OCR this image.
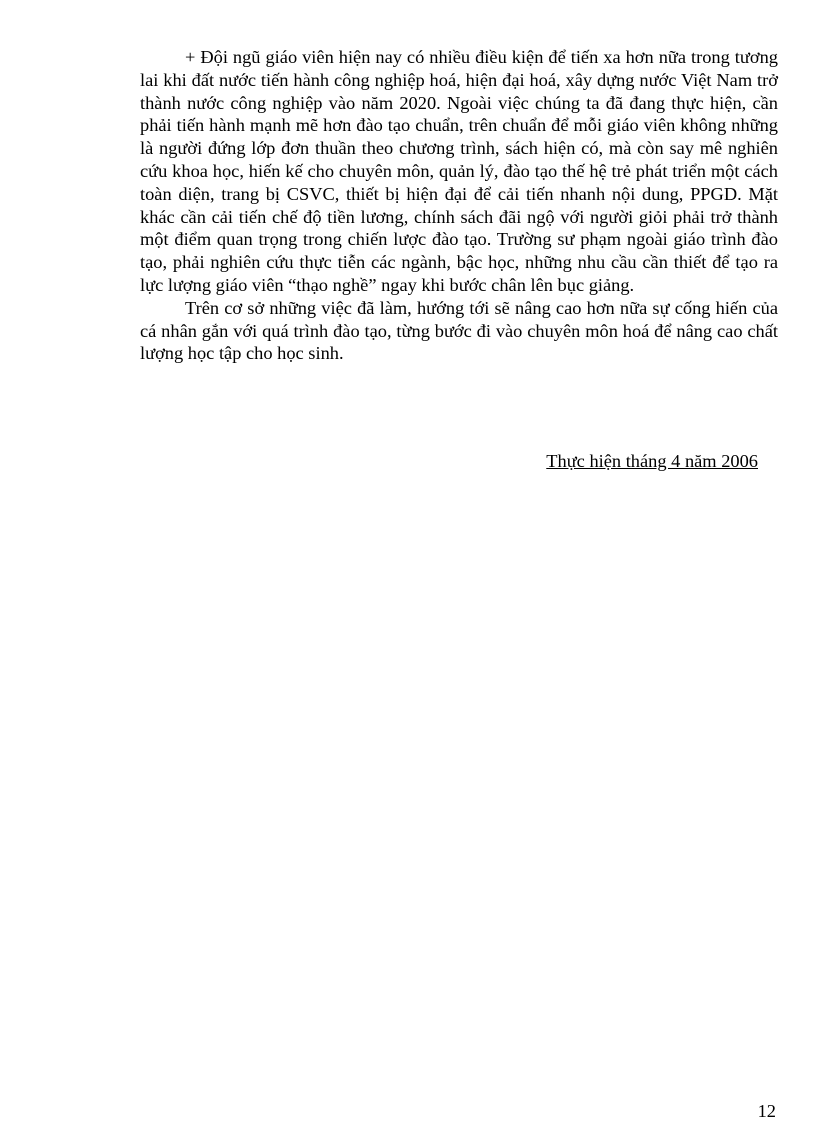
+ Đội ngũ giáo viên hiện nay có nhiều điều kiện để tiến xa hơn nữa trong tương lai khi đất nước tiến hành công nghiệp hoá, hiện đại hoá, xây dựng nước Việt Nam trở thành nước công nghiệp vào năm 2020. Ngoài việc chúng ta đã đang thực hiện, cần phải tiến hành mạnh mẽ hơn đào tạo chuẩn, trên chuẩn để mỗi giáo viên không những là người đứng lớp đơn thuần theo chương trình, sách hiện có, mà còn say mê nghiên cứu khoa học, hiến kế cho chuyên môn, quản lý, đào tạo thế hệ trẻ phát triển một cách toàn diện, trang bị CSVC, thiết bị hiện đại để cải tiến nhanh nội dung, PPGD. Mặt khác cần cải tiến chế độ tiền lương, chính sách đãi ngộ với người giỏi phải trở thành một điểm quan trọng trong chiến lược đào tạo. Trường sư phạm ngoài giáo trình đào tạo, phải nghiên cứu thực tiễn các ngành, bậc học, những nhu cầu cần thiết để tạo ra lực lượng giáo viên “thạo nghề” ngay khi bước chân lên bục giảng.

Trên cơ sở những việc đã làm, hướng tới sẽ nâng cao hơn nữa sự cống hiến của cá nhân gắn với quá trình đào tạo, từng bước đi vào chuyên môn hoá để nâng cao chất lượng học tập cho học sinh.

Thực hiện tháng 4 năm 2006
12
